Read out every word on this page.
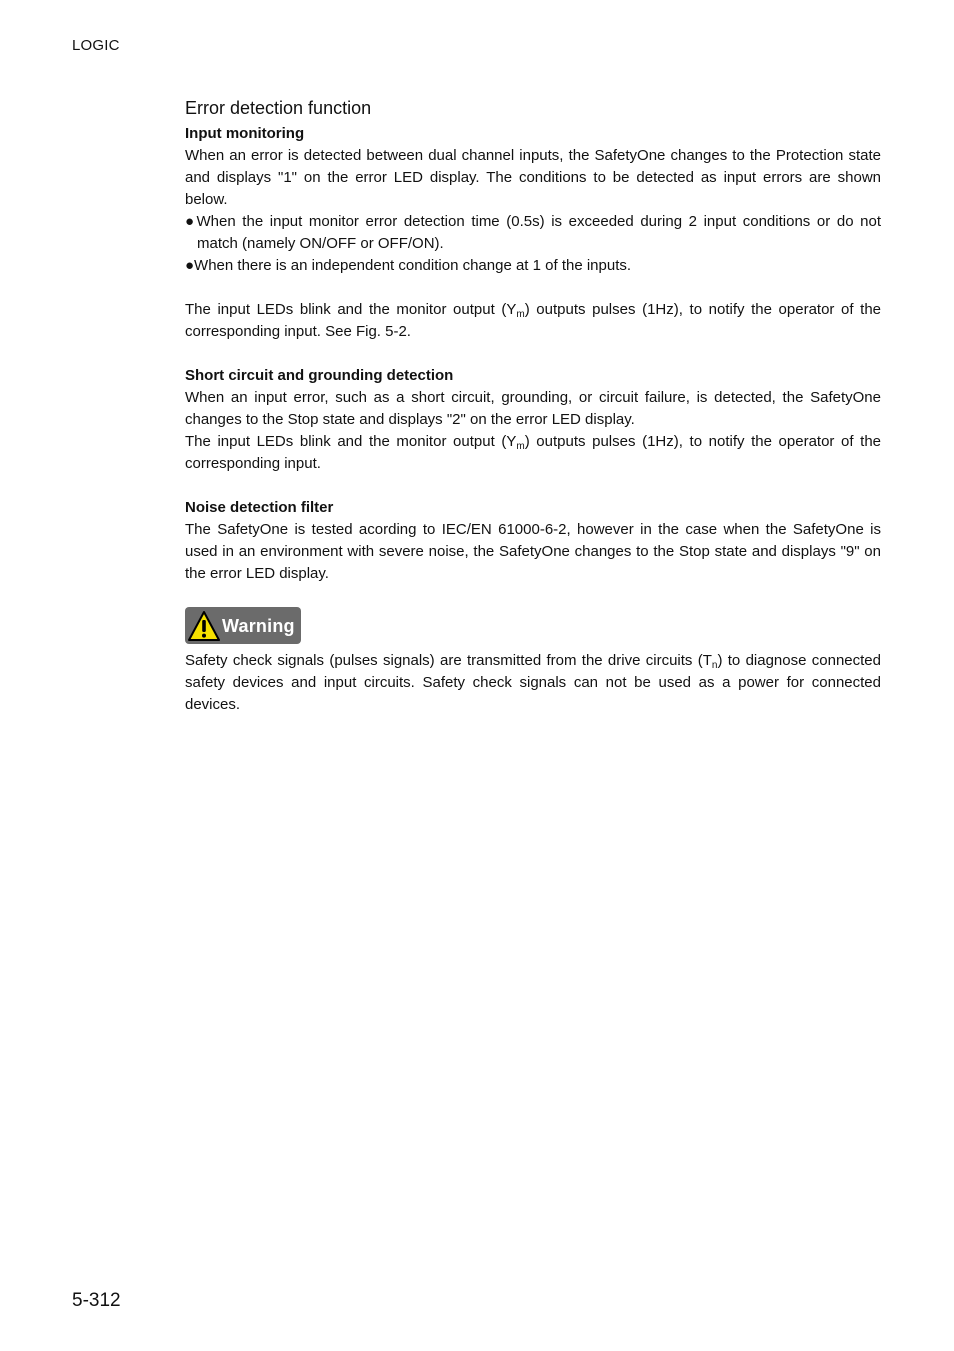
LOGIC
Error detection function
Input monitoring

When an error is detected between dual channel inputs, the SafetyOne changes to the Protection state and displays "1" on the error LED display. The conditions to be detected as input errors are shown below.

●When the input monitor error detection time (0.5s) is exceeded during 2 input conditions or do not match (namely ON/OFF or OFF/ON).

●When there is an independent condition change at 1 of the inputs.

The input LEDs blink and the monitor output $(Y_m)$ outputs pulses (1Hz), to notify the operator of the corresponding input. See Fig. 5-2.

Short circuit and grounding detection

When an input error, such as a short circuit, grounding, or circuit failure, is detected, the SafetyOne changes to the Stop state and displays "2" on the error LED display.

The input LEDs blink and the monitor output $(Y_m)$ outputs pulses (1Hz), to notify the operator of the corresponding input.

Noise detection filter

The SafetyOne is tested acording to IEC/EN 61000-6-2, however in the case when the SafetyOne is used in an environment with severe noise, the SafetyOne changes to the Stop state and displays "9" on the error LED display.

Warning

Safety check signals (pulses signals) are transmitted from the drive circuits $(T_n)$ to diagnose connected safety devices and input circuits. Safety check signals can not be used as a power for connected devices.

5-312
